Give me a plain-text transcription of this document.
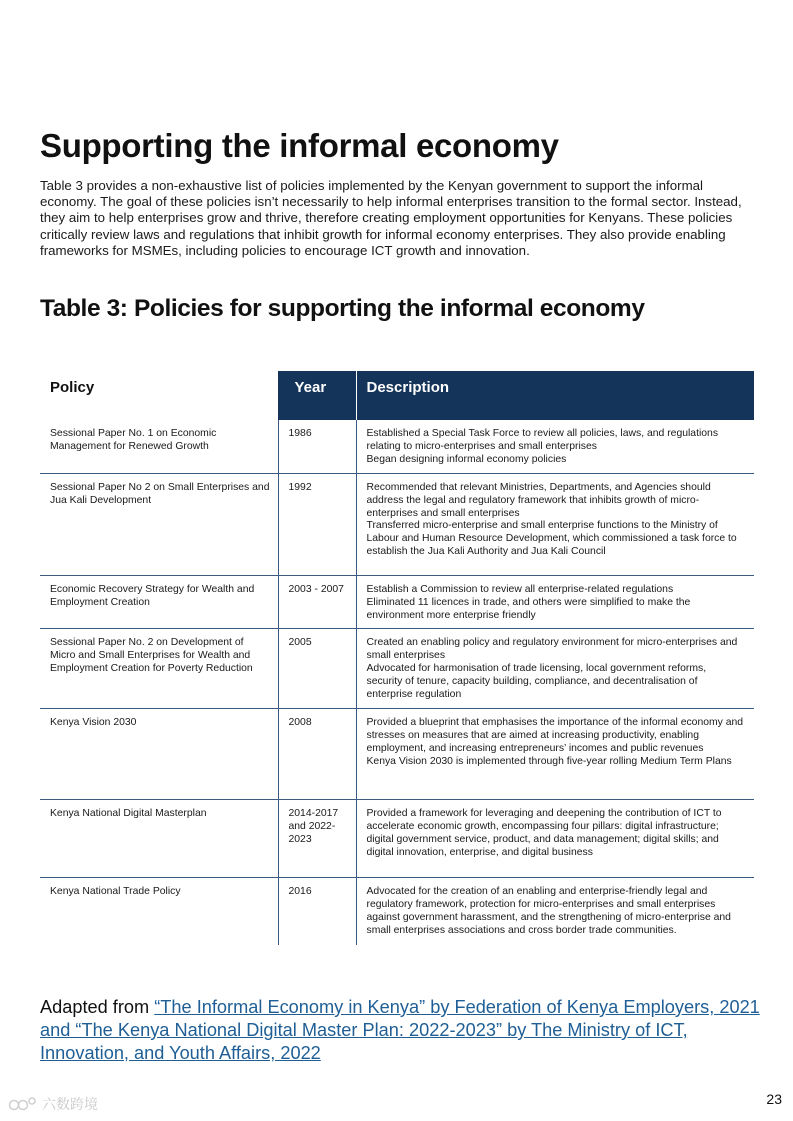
Supporting the informal economy

Table 3 provides a non-exhaustive list of policies implemented by the Kenyan government to support the informal economy. The goal of these policies isn’t necessarily to help informal enterprises transition to the formal sector. Instead, they aim to help enterprises grow and thrive, therefore creating employment opportunities for Kenyans. These policies critically review laws and regulations that inhibit growth for informal economy enterprises. They also provide enabling frameworks for MSMEs, including policies to encourage ICT growth and innovation.

Table 3: Policies for supporting the informal economy
Policy	Year	Description
Sessional Paper No. 1 on Economic Management for Renewed Growth	1986	Established a Special Task Force to review all policies, laws, and regulations relating to micro-enterprises and small enterprises
Began designing informal economy policies

Sessional Paper No 2 on Small Enterprises and Jua Kali Development	1992	Recommended that relevant Ministries, Departments, and Agencies should address the legal and regulatory framework that inhibits growth of micro-enterprises and small enterprises
Transferred micro-enterprise and small enterprise functions to the Ministry of Labour and Human Resource Development, which commissioned a task force to establish the Jua Kali Authority and Jua Kali Council

Economic Recovery Strategy for Wealth and Employment Creation	2003 - 2007	Establish a Commission to review all enterprise-related regulations
Eliminated 11 licences in trade, and others were simplified to make the environment more enterprise friendly

Sessional Paper No. 2 on Development of Micro and Small Enterprises for Wealth and Employment Creation for Poverty Reduction	2005	Created an enabling policy and regulatory environment for micro-enterprises and small enterprises
Advocated for harmonisation of trade licensing, local government reforms, security of tenure, capacity building, compliance, and decentralisation of enterprise regulation

Kenya Vision 2030	2008	Provided a blueprint that emphasises the importance of the informal economy and stresses on measures that are aimed at increasing productivity, enabling employment, and increasing entrepreneurs’ incomes and public revenues
Kenya Vision 2030 is implemented through five-year rolling Medium Term Plans

Kenya National Digital Masterplan	2014-2017 and 2022-2023	Provided a framework for leveraging and deepening the contribution of ICT to accelerate economic growth, encompassing four pillars: digital infrastructure; digital government service, product, and data management; digital skills; and digital innovation, enterprise, and digital business

Kenya National Trade Policy	2016	Advocated for the creation of an enabling and enterprise-friendly legal and regulatory framework, protection for micro-enterprises and small enterprises against government harassment, and the strengthening of micro-enterprise and small enterprises associations and cross border trade communities.

Adapted from “The Informal Economy in Kenya” by Federation of Kenya Employers, 2021 and “The Kenya National Digital Master Plan: 2022-2023” by The Ministry of ICT, Innovation, and Youth Affairs, 2022

六数跨境	23
